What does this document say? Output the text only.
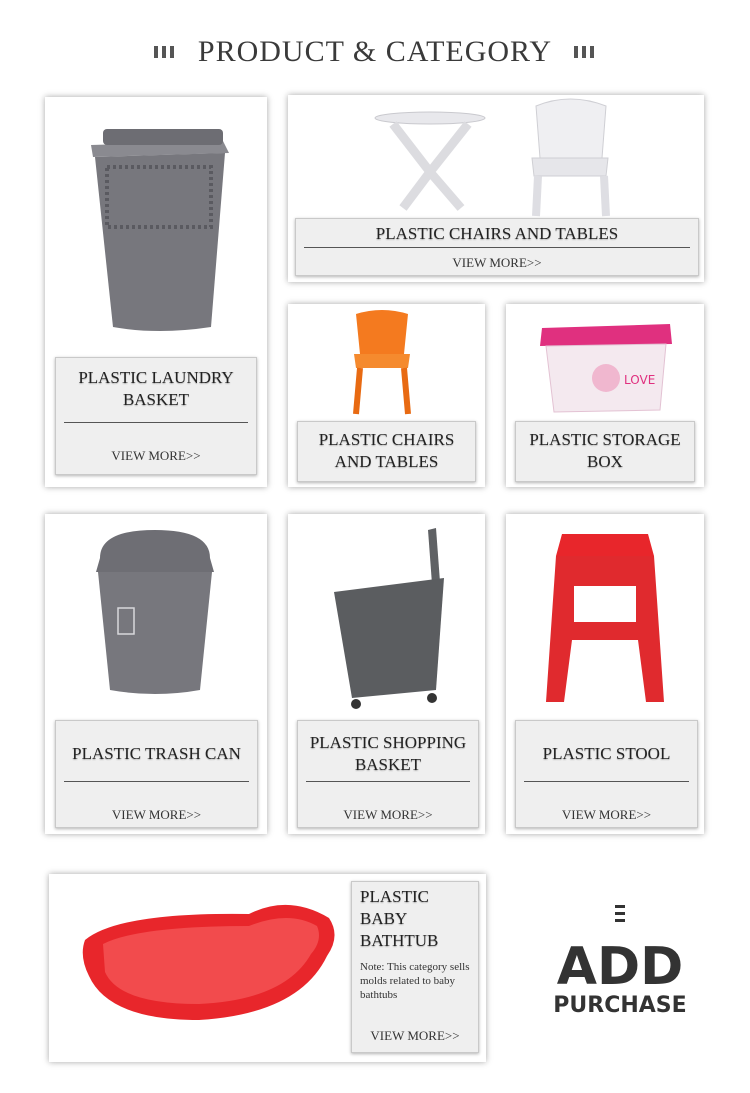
PRODUCT & CATEGORY
PLASTIC LAUNDRY BASKET
VIEW MORE>>
PLASTIC CHAIRS AND TABLES
VIEW MORE>>
PLASTIC CHAIRS AND TABLES
LOVE
PLASTIC STORAGE BOX
PLASTIC TRASH CAN
VIEW MORE>>
PLASTIC SHOPPING BASKET
VIEW MORE>>
PLASTIC STOOL
VIEW MORE>>
PLASTIC BABY BATHTUB
Note: This category sells molds related to baby bathtubs
VIEW MORE>>
ADD
PURCHASE
